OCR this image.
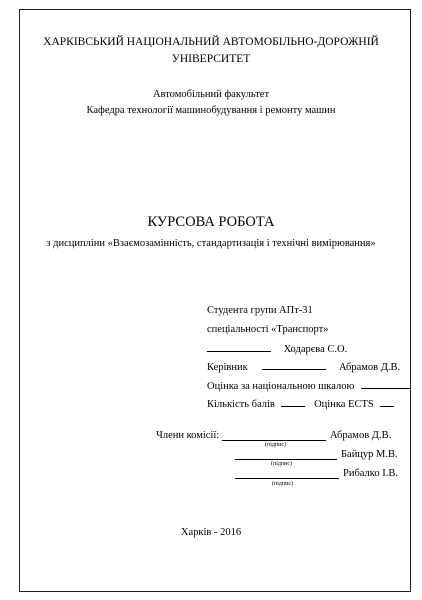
ХАРКІВСЬКИЙ НАЦІОНАЛЬНИЙ АВТОМОБІЛЬНО-ДОРОЖНІЙ
УНІВЕРСИТЕТ
Автомобільний факультет
Кафедра технології машинобудування і ремонту машин
КУРСОВА РОБОТА
з дисципліни «Взаємозамінність, стандартизація і технічні вимірювання»
Студента групи АПт-31
спеціальності «Транспорт»
Ходарєва С.О.
Керівник	Абрамов Д.В.
Оцінка за національною шкалою
Кількість балів	Оцінка ECTS
Члени комісії:	Абрамов Д.В.
(підпис)
Байцур М.В.
(підпис)
Рибалко І.В.
(підпис)
Харків - 2016
